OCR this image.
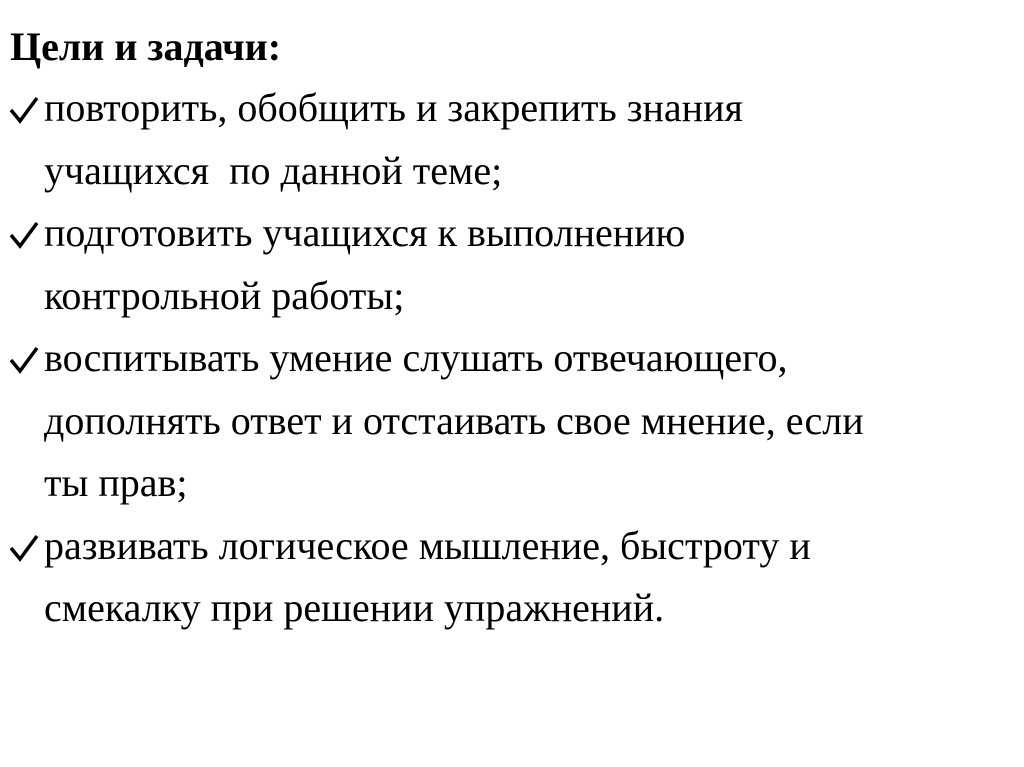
Цели и задачи:
повторить, обобщить и закрепить знания
учащихся  по данной теме;
подготовить учащихся к выполнению
контрольной работы;
воспитывать умение слушать отвечающего,
дополнять ответ и отстаивать свое мнение, если
ты прав;
развивать логическое мышление, быстроту и
смекалку при решении упражнений.
